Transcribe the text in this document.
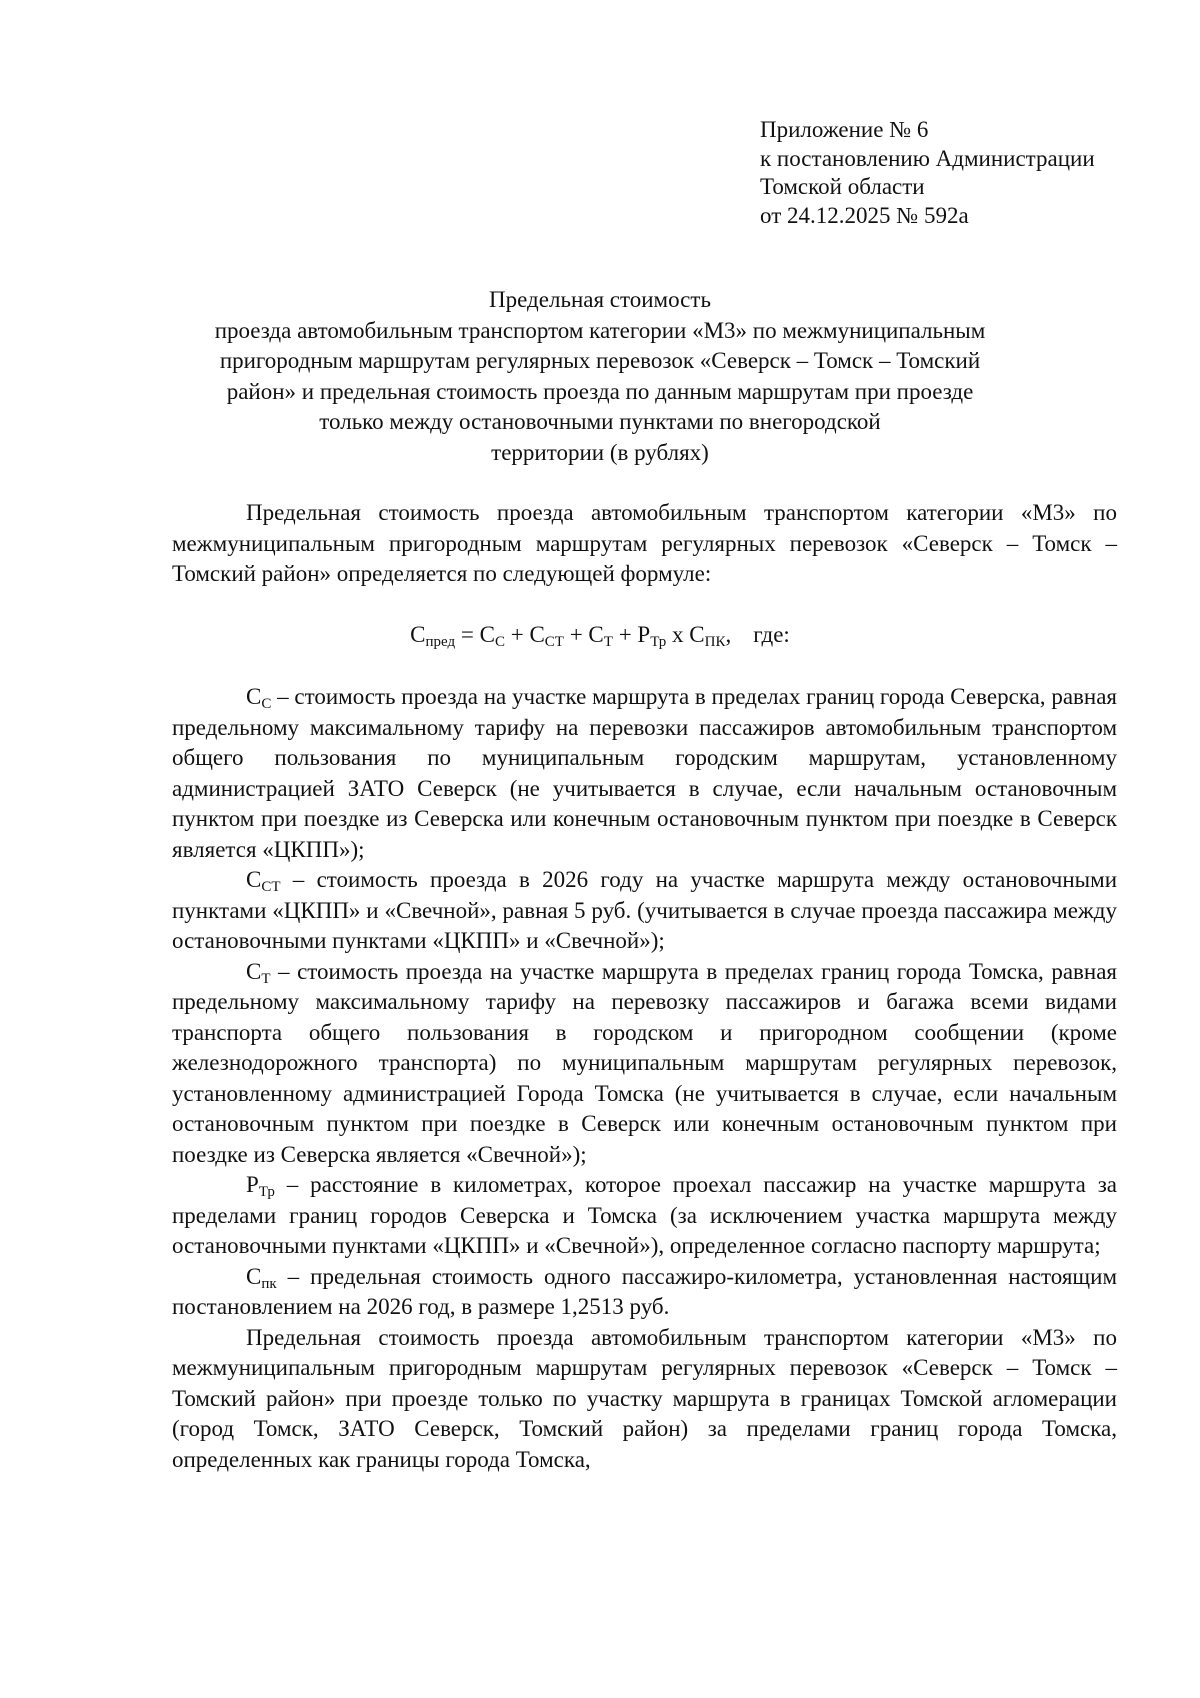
Приложение № 6
к постановлению Администрации
Томской области
от 24.12.2025 № 592а
Предельная стоимость
проезда автомобильным транспортом категории «М3» по межмуниципальным
пригородным маршрутам регулярных перевозок «Северск – Томск – Томский
район» и предельная стоимость проезда по данным маршрутам при проезде
только между остановочными пунктами по внегородской
территории (в рублях)

Предельная стоимость проезда автомобильным транспортом категории «М3» по межмуниципальным пригородным маршрутам регулярных перевозок «Северск – Томск – Томский район» определяется по следующей формуле:

$С_{пред} = С_С + С_{СТ} + С_Т + Р_{Тр}$ х $С_{ПК}$, где:

$С_С$ – стоимость проезда на участке маршрута в пределах границ города Северска, равная предельному максимальному тарифу на перевозки пассажиров автомобильным транспортом общего пользования по муниципальным городским маршрутам, установленному администрацией ЗАТО Северск (не учитывается в случае, если начальным остановочным пунктом при поездке из Северска или конечным остановочным пунктом при поездке в Северск является «ЦКПП»);

$С_{СТ}$ – стоимость проезда в 2026 году на участке маршрута между остановочными пунктами «ЦКПП» и «Свечной», равная 5 руб. (учитывается в случае проезда пассажира между остановочными пунктами «ЦКПП» и «Свечной»);

$С_Т$ – стоимость проезда на участке маршрута в пределах границ города Томска, равная предельному максимальному тарифу на перевозку пассажиров и багажа всеми видами транспорта общего пользования в городском и пригородном сообщении (кроме железнодорожного транспорта) по муниципальным маршрутам регулярных перевозок, установленному администрацией Города Томска (не учитывается в случае, если начальным остановочным пунктом при поездке в Северск или конечным остановочным пунктом при поездке из Северска является «Свечной»);

$Р_{Тр}$ – расстояние в километрах, которое проехал пассажир на участке маршрута за пределами границ городов Северска и Томска (за исключением участка маршрута между остановочными пунктами «ЦКПП» и «Свечной»), определенное согласно паспорту маршрута;

$С_{пк}$ – предельная стоимость одного пассажиро-километра, установленная настоящим постановлением на 2026 год, в размере 1,2513 руб.

Предельная стоимость проезда автомобильным транспортом категории «М3» по межмуниципальным пригородным маршрутам регулярных перевозок «Северск – Томск – Томский район» при проезде только по участку маршрута в границах Томской агломерации (город Томск, ЗАТО Северск, Томский район) за пределами границ города Томска, определенных как границы города Томска,
